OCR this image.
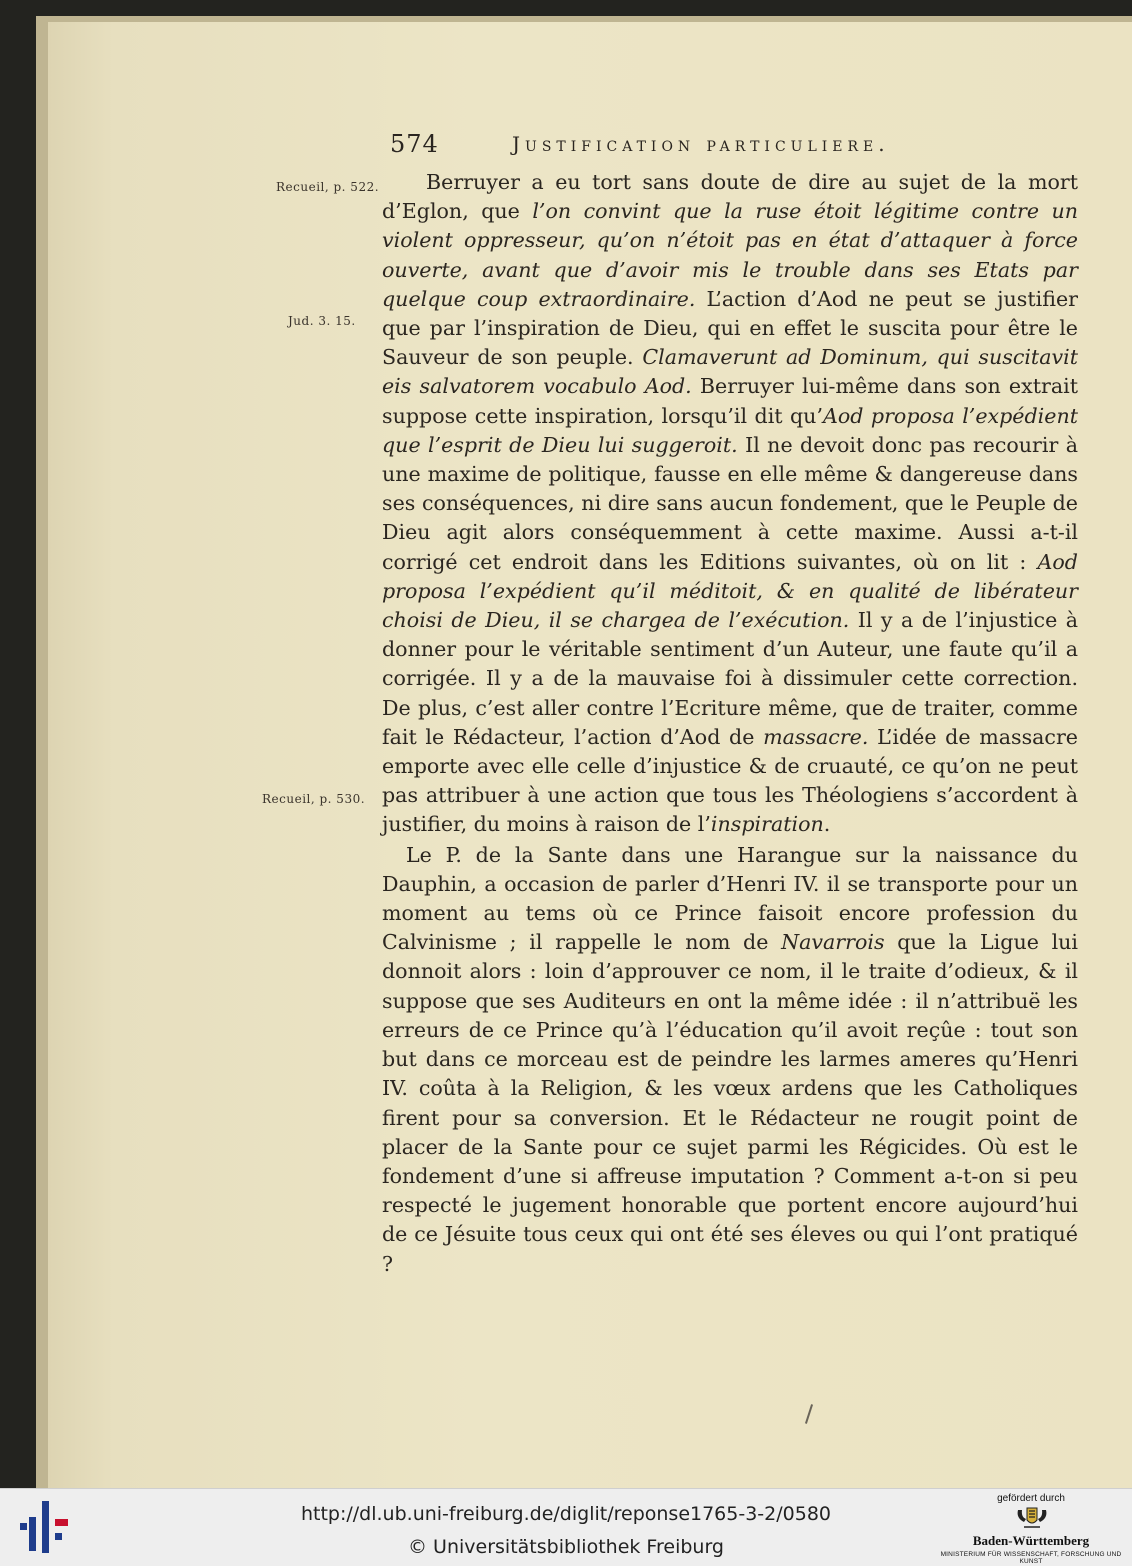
574	Justification particuliere.
Recueil, p. 522.
Jud. 3. 15.
Recueil, p. 530.

Berruyer a eu tort sans doute de dire au sujet de la mort d’Eglon, que l’on convint que la ruse étoit légitime contre un violent oppresseur, qu’on n’étoit pas en état d’attaquer à force ouverte, avant que d’avoir mis le trouble dans ses Etats par quelque coup extraordinaire. L’action d’Aod ne peut se justifier que par l’inspiration de Dieu, qui en effet le suscita pour être le Sauveur de son peuple. Clamaverunt ad Dominum, qui suscitavit eis salvatorem vocabulo Aod. Berruyer lui-même dans son extrait suppose cette inspiration, lorsqu’il dit qu’Aod proposa l’expédient que l’esprit de Dieu lui suggeroit. Il ne devoit donc pas recourir à une maxime de politique, fausse en elle même & dangereuse dans ses conséquences, ni dire sans aucun fondement, que le Peuple de Dieu agit alors conséquemment à cette maxime. Aussi a-t-il corrigé cet endroit dans les Editions suivantes, où on lit : Aod proposa l’expédient qu’il méditoit, & en qualité de libérateur choisi de Dieu, il se chargea de l’exécution. Il y a de l’injustice à donner pour le véritable sentiment d’un Auteur, une faute qu’il a corrigée. Il y a de la mauvaise foi à dissimuler cette correction. De plus, c’est aller contre l’Ecriture même, que de traiter, comme fait le Rédacteur, l’action d’Aod de massacre. L’idée de massacre emporte avec elle celle d’injustice & de cruauté, ce qu’on ne peut pas attribuer à une action que tous les Théologiens s’accordent à justifier, du moins à raison de l’inspiration.

Le P. de la Sante dans une Harangue sur la naissance du Dauphin, a occasion de parler d’Henri IV. il se transporte pour un moment au tems où ce Prince faisoit encore profession du Calvinisme ; il rappelle le nom de Navarrois que la Ligue lui donnoit alors : loin d’approuver ce nom, il le traite d’odieux, & il suppose que ses Auditeurs en ont la même idée : il n’attribuë les erreurs de ce Prince qu’à l’éducation qu’il avoit reçûe : tout son but dans ce morceau est de peindre les larmes ameres qu’Henri IV. coûta à la Religion, & les vœux ardens que les Catholiques firent pour sa conversion. Et le Rédacteur ne rougit point de placer de la Sante pour ce sujet parmi les Régicides. Où est le fondement d’une si affreuse imputation ? Comment a-t-on si peu respecté le jugement honorable que portent encore aujourd’hui de ce Jésuite tous ceux qui ont été ses éleves ou qui l’ont pratiqué ?

http://dl.ub.uni-freiburg.de/diglit/reponse1765-3-2/0580
© Universitätsbibliothek Freiburg
gefördert durch
Baden-Württemberg
MINISTERIUM FÜR WISSENSCHAFT, FORSCHUNG UND KUNST
